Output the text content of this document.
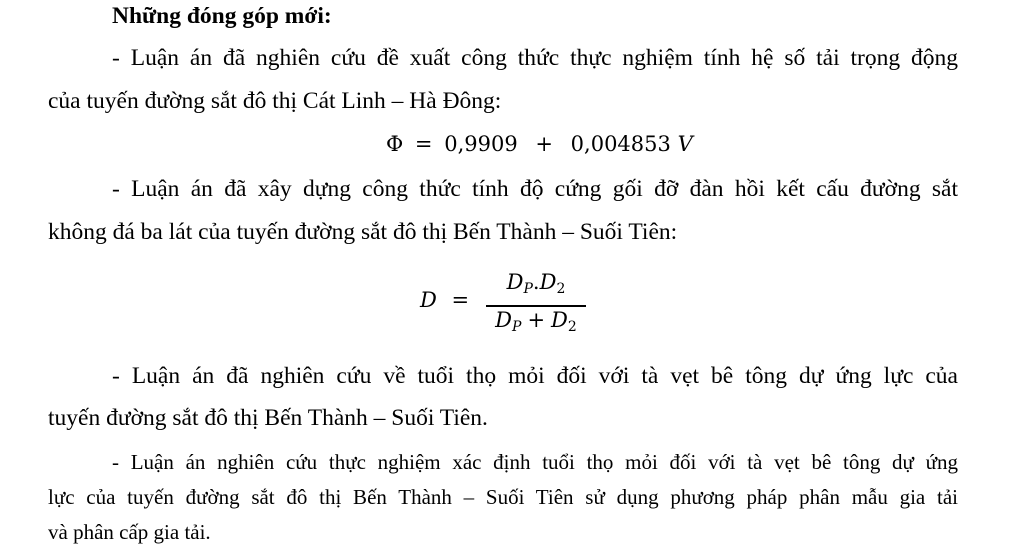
Những đóng góp mới:
- Luận án đã nghiên cứu đề xuất công thức thực nghiệm tính hệ số tải trọng động
của tuyến đường sắt đô thị Cát Linh – Hà Đông:
Φ = 0,9909 + 0,004853 V
- Luận án đã xây dựng công thức tính độ cứng gối đỡ đàn hồi kết cấu đường sắt
không đá ba lát của tuyến đường sắt đô thị Bến Thành – Suối Tiên:
D =
$D_P.D_2$
$D_P + D_2$
- Luận án đã nghiên cứu về tuổi thọ mỏi đối với tà vẹt bê tông dự ứng lực của
tuyến đường sắt đô thị Bến Thành – Suối Tiên.
- Luận án nghiên cứu thực nghiệm xác định tuổi thọ mỏi đối với tà vẹt bê tông dự ứng
lực của tuyến đường sắt đô thị Bến Thành – Suối Tiên sử dụng phương pháp phân mẫu gia tải
và phân cấp gia tải.
